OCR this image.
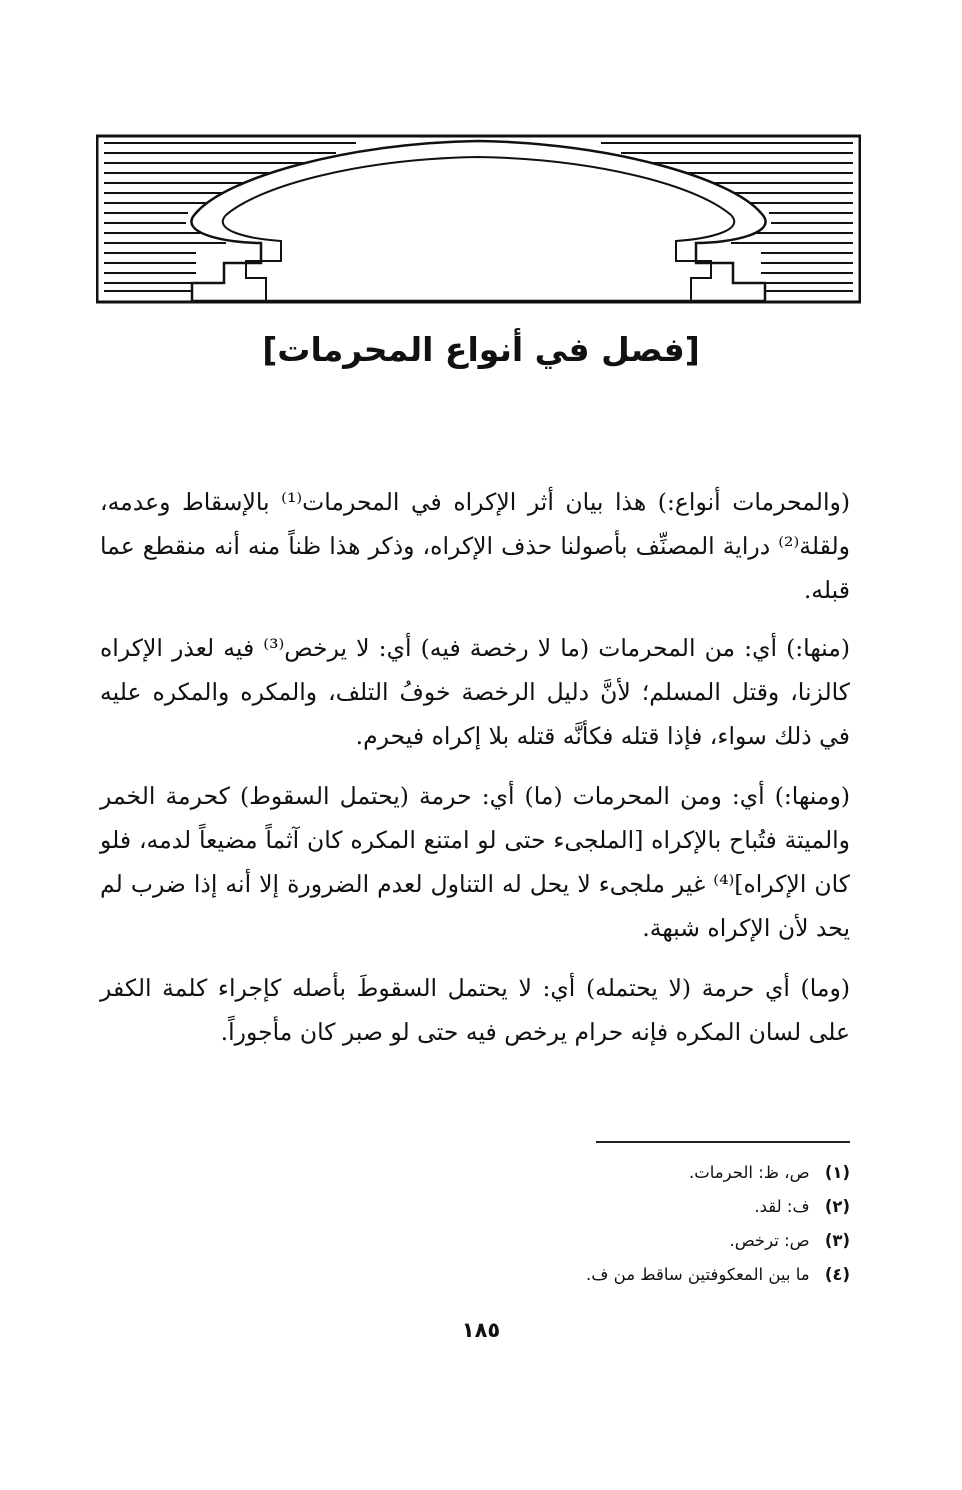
[فصل في أنواع المحرمات]

(والمحرمات أنواع:) هذا بيان أثر الإكراه في المحرمات⁽¹⁾ بالإسقاط وعدمه، ولقلة⁽²⁾ دراية المصنِّف بأصولنا حذف الإكراه، وذكر هذا ظناً منه أنه منقطع عما قبله.

(منها:) أي: من المحرمات (ما لا رخصة فيه) أي: لا يرخص⁽³⁾ فيه لعذر الإكراه كالزنا، وقتل المسلم؛ لأنَّ دليل الرخصة خوفُ التلف، والمكره والمكره عليه في ذلك سواء، فإذا قتله فكأنَّه قتله بلا إكراه فيحرم.

(ومنها:) أي: ومن المحرمات (ما) أي: حرمة (يحتمل السقوط) كحرمة الخمر والميتة فتُباح بالإكراه [الملجىء حتى لو امتنع المكره كان آثماً مضيعاً لدمه، فلو كان الإكراه]⁽⁴⁾ غير ملجىء لا يحل له التناول لعدم الضرورة إلا أنه إذا ضرب لم يحد لأن الإكراه شبهة.

(وما) أي حرمة (لا يحتمله) أي: لا يحتمل السقوطَ بأصله كإجراء كلمة الكفر على لسان المكره فإنه حرام يرخص فيه حتى لو صبر كان مأجوراً.

(١) ص، ظ: الحرمات.
(٢) ف: لقد.
(٣) ص: ترخص.
(٤) ما بين المعكوفتين ساقط من ف.
١٨٥
